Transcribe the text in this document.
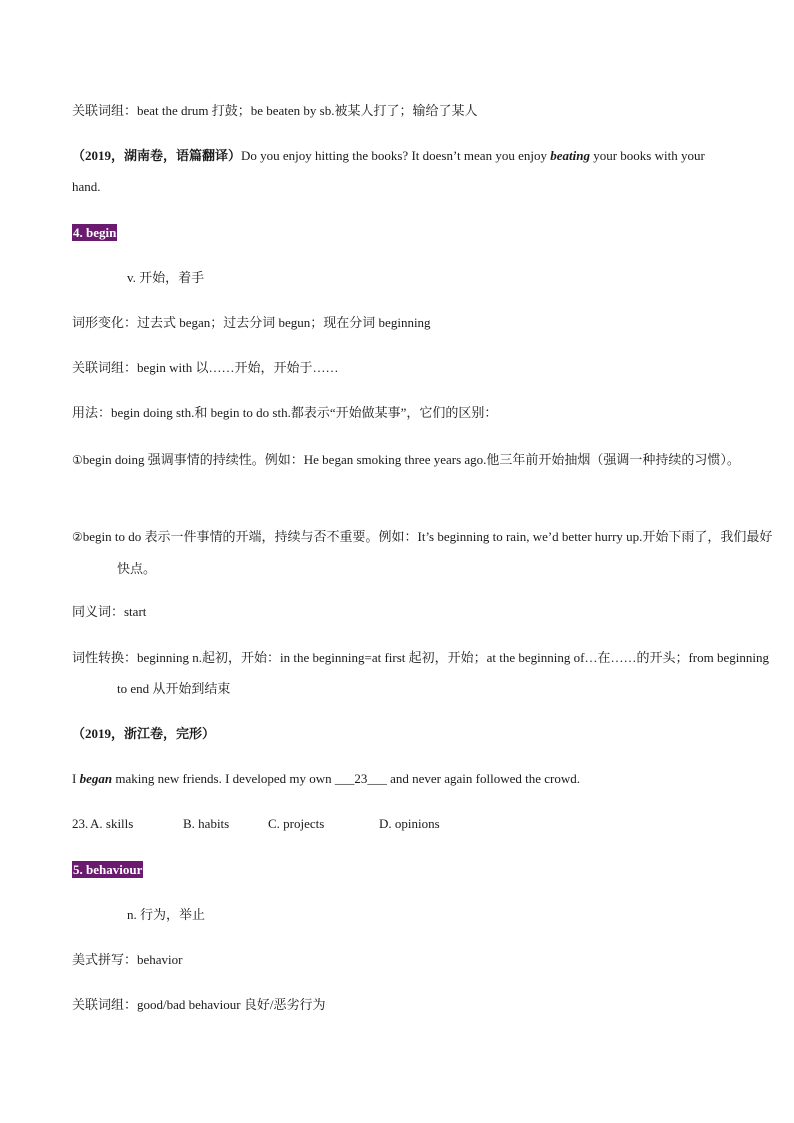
关联词组：beat the drum 打鼓；be beaten by sb.被某人打了；输给了某人
（2019，湖南卷，语篇翻译）Do you enjoy hitting the books? It doesn’t mean you enjoy beating your books with your hand.
4. begin
v. 开始，着手
词形变化：过去式 began；过去分词 begun；现在分词 beginning
关联词组：begin with 以……开始，开始于……
用法：begin doing sth.和 begin to do sth.都表示“开始做某事”，它们的区别：
①begin doing 强调事情的持续性。例如：He began smoking three years ago.他三年前开始抽烟（强调一种持续的习惯）。
②begin to do 表示一件事情的开端，持续与否不重要。例如：It’s beginning to rain, we’d better hurry up.开始下雨了，我们最好快点。
同义词：start
词性转换：beginning n.起初，开始：in the beginning=at first 起初，开始；at the beginning of…在……的开头；from beginning to end 从开始到结束
（2019，浙江卷，完形）
I began making new friends. I developed my own ___23___ and never again followed the crowd.
23. A. skills	B. habits	C. projects	D. opinions
5. behaviour
n. 行为，举止
美式拼写：behavior
关联词组：good/bad behaviour 良好/恶劣行为
